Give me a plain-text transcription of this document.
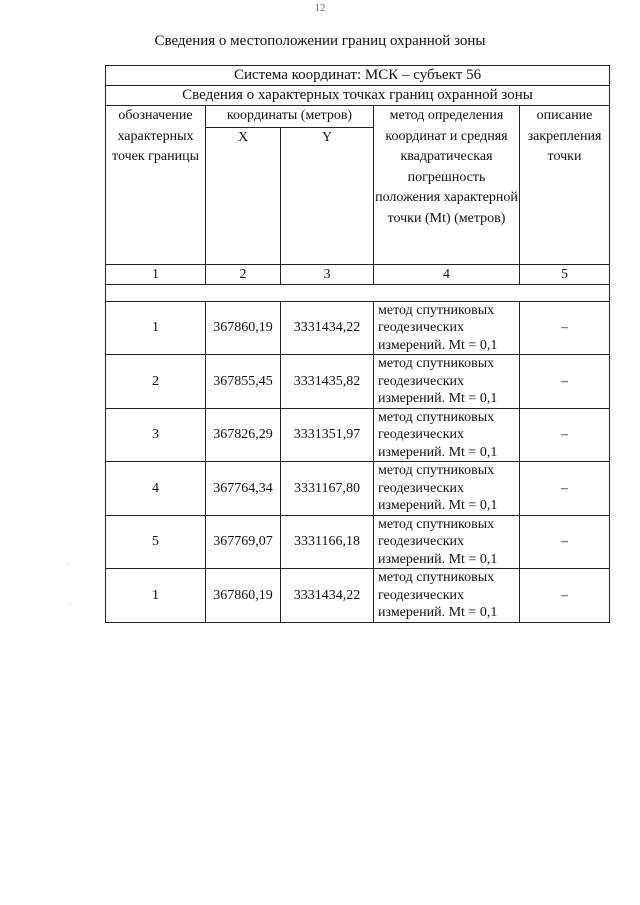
12
Сведения о местоположении границ охранной зоны
Система координат: МСК – субъект 56				
Сведения о характерных точках границ охранной зоны				
обозначение характерных точек границы	координаты (метров)		метод определения координат и средняя квадратическая погрешность положения характерной точки (Mt) (метров)	описание закрепления точки
	X	Y		
1	2	3	4	5

1	367860,19	3331434,22	метод спутниковых геодезических измерений. Mt = 0,1	–
2	367855,45	3331435,82	метод спутниковых геодезических измерений. Mt = 0,1	–
3	367826,29	3331351,97	метод спутниковых геодезических измерений. Mt = 0,1	–
4	367764,34	3331167,80	метод спутниковых геодезических измерений. Mt = 0,1	–
5	367769,07	3331166,18	метод спутниковых геодезических измерений. Mt = 0,1	–
1	367860,19	3331434,22	метод спутниковых геодезических измерений. Mt = 0,1	–
